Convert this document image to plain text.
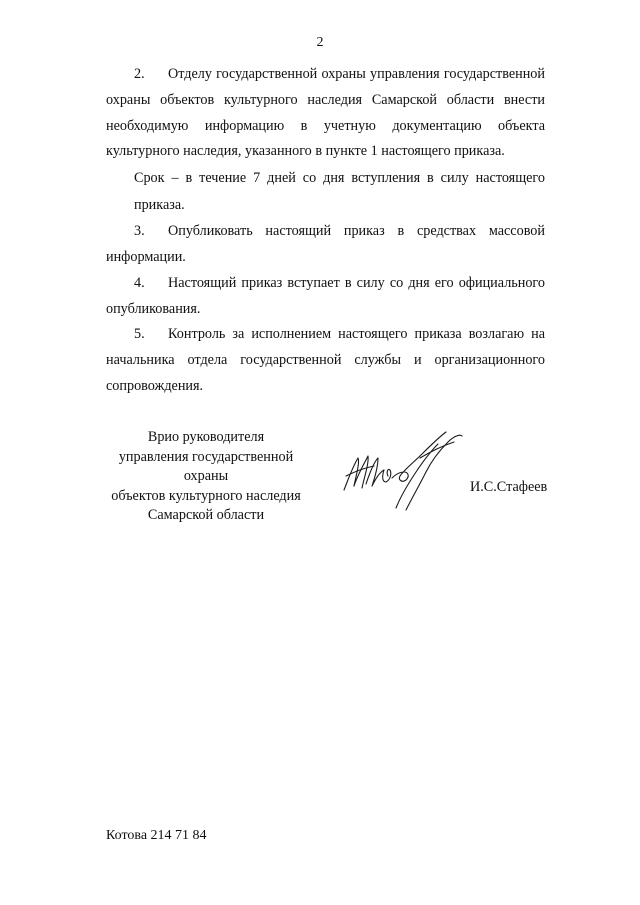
2

2. Отделу государственной охраны управления государственной охраны объектов культурного наследия Самарской области внести необходимую информацию в учетную документацию объекта культурного наследия, указанного в пункте 1 настоящего приказа.

Срок – в течение 7 дней со дня вступления в силу настоящего приказа.

3. Опубликовать настоящий приказ в средствах массовой информации.

4. Настоящий приказ вступает в силу со дня его официального опубликования.

5. Контроль за исполнением настоящего приказа возлагаю на начальника отдела государственной службы и организационного сопровождения.

Врио руководителя
управления государственной охраны
объектов культурного наследия
Самарской области
И.С.Стафеев
Котова 214 71 84
